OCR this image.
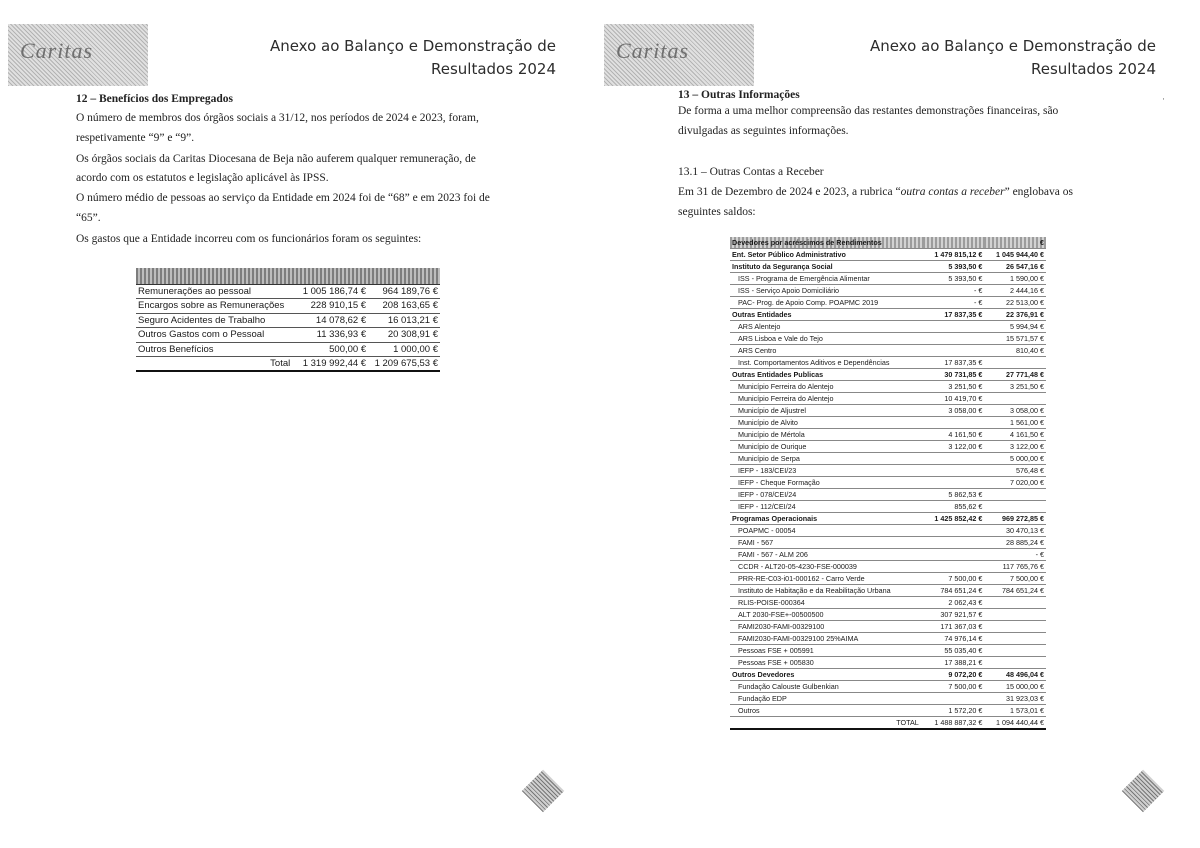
Caritas	Anexo ao Balanço e Demonstração de
Resultados 2024
12 – Benefícios dos Empregados
O número de membros dos órgãos sociais a 31/12, nos períodos de 2024 e 2023, foram,
respetivamente “9” e “9”.
Os órgãos sociais da Caritas Diocesana de Beja não auferem qualquer remuneração, de
acordo com os estatutos e legislação aplicável às IPSS.
O número médio de pessoas ao serviço da Entidade em 2024 foi de “68” e em 2023 foi de
“65”.
Os gastos que a Entidade incorreu com os funcionários foram os seguintes:

Remunerações ao pessoal	1 005 186,74 €	964 189,76 €
Encargos sobre as Remunerações	228 910,15 €	208 163,65 €
Seguro Acidentes de Trabalho	14 078,62 €	16 013,21 €
Outros Gastos com o Pessoal	11 336,93 €	20 308,91 €
Outros Benefícios	500,00 €	1 000,00 €
Total	1 319 992,44 €	1 209 675,53 €
Caritas	Anexo ao Balanço e Demonstração de
Resultados 2024
13 – Outras Informações
De forma a uma melhor compreensão das restantes demonstrações financeiras, são
divulgadas as seguintes informações.
13.1 – Outras Contas a Receber
Em 31 de Dezembro de 2024 e 2023, a rubrica “outra contas a receber” englobava os
seguintes saldos:
·
Devedores por acréscimos de Rendimentos		€
Ent. Setor Público Administrativo	1 479 815,12 €	1 045 944,40 €
Instituto da Segurança Social	5 393,50 €	26 547,16 €
ISS - Programa de Emergência Alimentar	5 393,50 €	1 590,00 €
ISS - Serviço Apoio Domiciliário	- €	2 444,16 €
PAC- Prog. de Apoio Comp. POAPMC 2019	- €	22 513,00 €
Outras Entidades	17 837,35 €	22 376,91 €
ARS Alentejo		5 994,94 €
ARS Lisboa e Vale do Tejo		15 571,57 €
ARS Centro		810,40 €
Inst. Comportamentos Aditivos e Dependências	17 837,35 €	
Outras Entidades Publicas	30 731,85 €	27 771,48 €
Município Ferreira do Alentejo	3 251,50 €	3 251,50 €
Município Ferreira do Alentejo	10 419,70 €	
Município de Aljustrel	3 058,00 €	3 058,00 €
Município de Alvito		1 561,00 €
Município de Mértola	4 161,50 €	4 161,50 €
Município de Ourique	3 122,00 €	3 122,00 €
Município de Serpa		5 000,00 €
IEFP - 183/CEI/23		576,48 €
IEFP - Cheque Formação		7 020,00 €
IEFP - 078/CEI/24	5 862,53 €	
IEFP - 112/CEI/24	855,62 €	
Programas Operacionais	1 425 852,42 €	969 272,85 €
POAPMC - 00054		30 470,13 €
FAMI - 567		28 885,24 €
FAMI - 567 - ALM 206		- €
CCDR - ALT20-05-4230-FSE-000039		117 765,76 €
PRR-RE-C03-i01-000162 - Carro Verde	7 500,00 €	7 500,00 €
Instituto de Habitação e da Reabilitação Urbana	784 651,24 €	784 651,24 €
RLIS-POISE-000364	2 062,43 €	
ALT 2030-FSE+-00500500	307 921,57 €	
FAMI2030-FAMI-00329100	171 367,03 €	
FAMI2030-FAMI-00329100 25%AIMA	74 976,14 €	
Pessoas FSE + 005991	55 035,40 €	
Pessoas FSE + 005830	17 388,21 €	
Outros Devedores	9 072,20 €	48 496,04 €
Fundação Calouste Gulbenkian	7 500,00 €	15 000,00 €
Fundação EDP		31 923,03 €
Outros	1 572,20 €	1 573,01 €
TOTAL	1 488 887,32 €	1 094 440,44 €
